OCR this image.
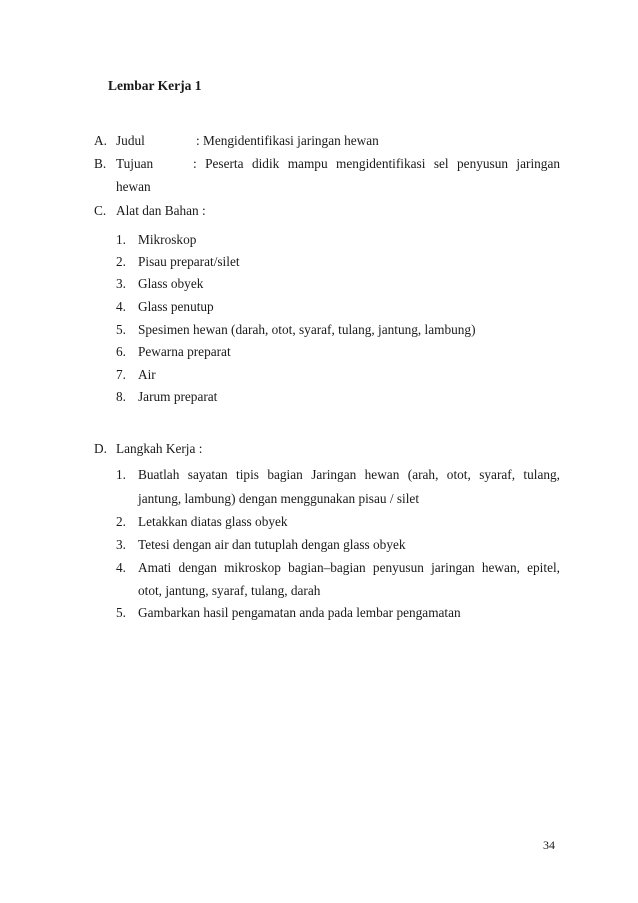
Lembar Kerja 1
A. Judul	: Mengidentifikasi jaringan hewan
B. Tujuan	: Peserta didik mampu mengidentifikasi sel penyusun jaringan
hewan
C. Alat dan Bahan :
1. Mikroskop
2. Pisau preparat/silet
3. Glass obyek
4. Glass penutup
5. Spesimen hewan (darah, otot, syaraf, tulang, jantung, lambung)
6. Pewarna preparat
7. Air
8. Jarum preparat
D. Langkah Kerja :
1. Buatlah sayatan tipis bagian Jaringan hewan (arah, otot, syaraf, tulang,
jantung, lambung) dengan menggunakan pisau / silet
2. Letakkan diatas glass obyek
3. Tetesi dengan air dan tutuplah dengan glass obyek
4. Amati dengan mikroskop bagian–bagian penyusun jaringan hewan, epitel,
otot, jantung, syaraf, tulang, darah
5. Gambarkan hasil pengamatan anda pada lembar pengamatan
34
